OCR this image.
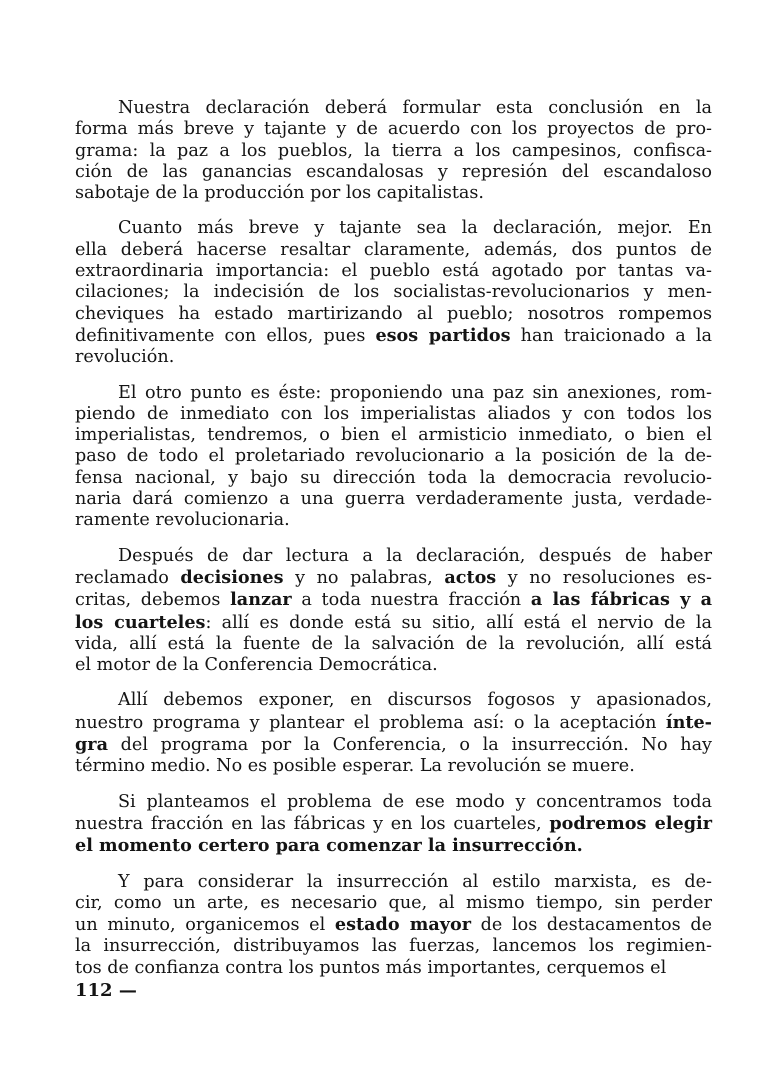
Nuestra declaración deberá formular esta conclusión en la
forma más breve y tajante y de acuerdo con los proyectos de pro-
grama: la paz a los pueblos, la tierra a los campesinos, confisca-
ción de las ganancias escandalosas y represión del escandaloso
sabotaje de la producción por los capitalistas.

Cuanto más breve y tajante sea la declaración, mejor. En
ella deberá hacerse resaltar claramente, además, dos puntos de
extraordinaria importancia: el pueblo está agotado por tantas va-
cilaciones; la indecisión de los socialistas-revolucionarios y men-
cheviques ha estado martirizando al pueblo; nosotros rompemos
definitivamente con ellos, pues esos partidos han traicionado a la
revolución.

El otro punto es éste: proponiendo una paz sin anexiones, rom-
piendo de inmediato con los imperialistas aliados y con todos los
imperialistas, tendremos, o bien el armisticio inmediato, o bien el
paso de todo el proletariado revolucionario a la posición de la de-
fensa nacional, y bajo su dirección toda la democracia revolucio-
naria dará comienzo a una guerra verdaderamente justa, verdade-
ramente revolucionaria.

Después de dar lectura a la declaración, después de haber
reclamado decisiones y no palabras, actos y no resoluciones es-
critas, debemos lanzar a toda nuestra fracción a las fábricas y a
los cuarteles: allí es donde está su sitio, allí está el nervio de la
vida, allí está la fuente de la salvación de la revolución, allí está
el motor de la Conferencia Democrática.

Allí debemos exponer, en discursos fogosos y apasionados,
nuestro programa y plantear el problema así: o la aceptación ínte-
gra del programa por la Conferencia, o la insurrección. No hay
término medio. No es posible esperar. La revolución se muere.

Si planteamos el problema de ese modo y concentramos toda
nuestra fracción en las fábricas y en los cuarteles, podremos elegir
el momento certero para comenzar la insurrección.

Y para considerar la insurrección al estilo marxista, es de-
cir, como un arte, es necesario que, al mismo tiempo, sin perder
un minuto, organicemos el estado mayor de los destacamentos de
la insurrección, distribuyamos las fuerzas, lancemos los regimien-
tos de confianza contra los puntos más importantes, cerquemos el

112 —
